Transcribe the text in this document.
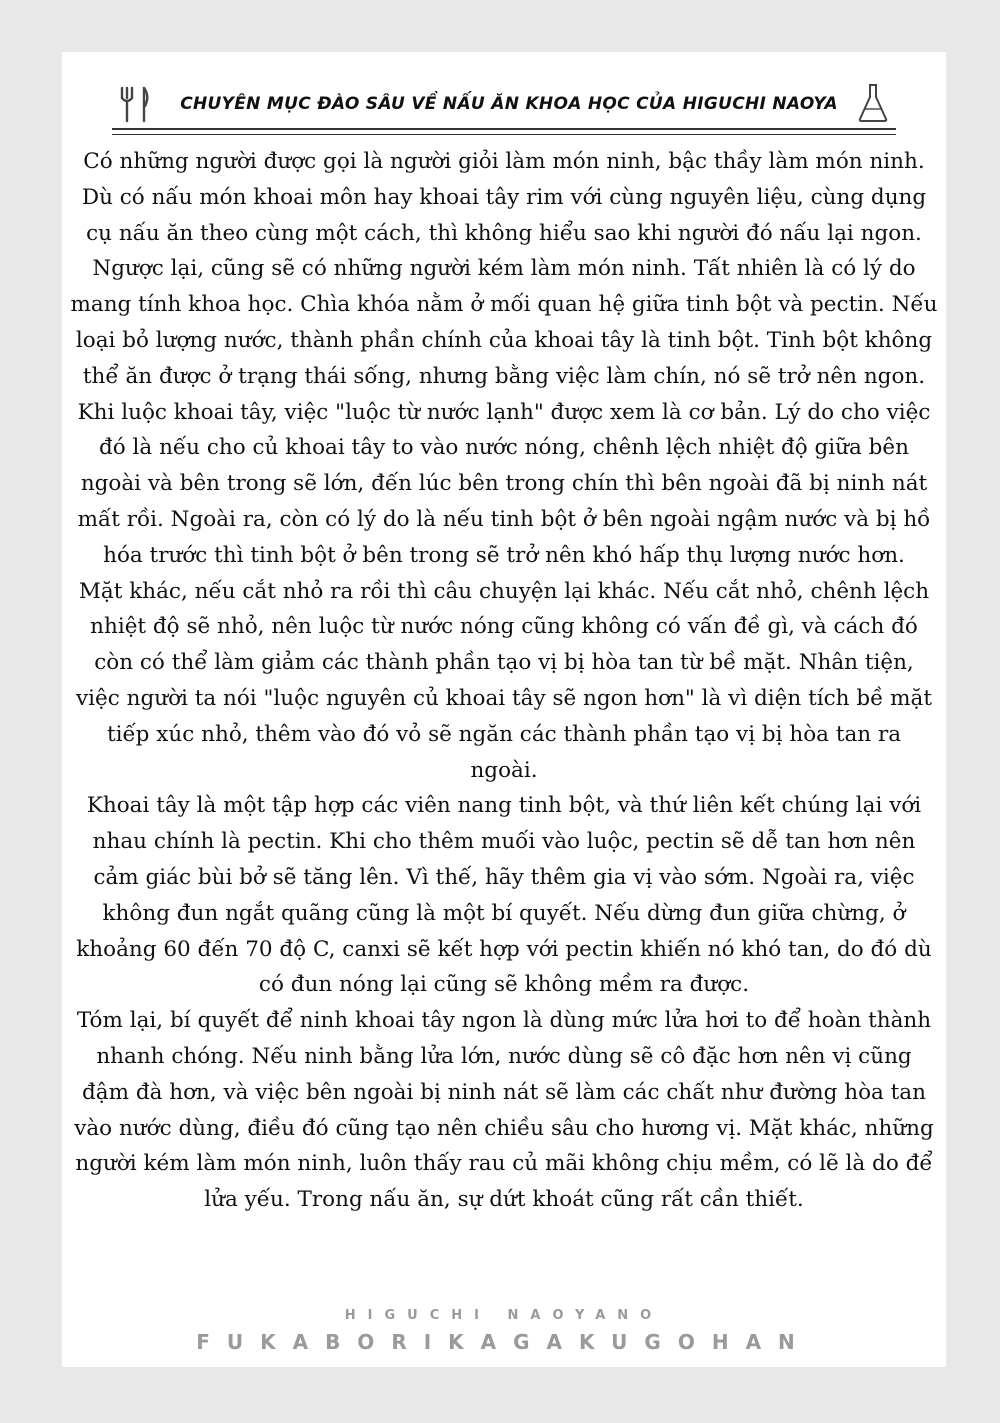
CHUYÊN MỤC ĐÀO SÂU VỀ NẤU ĂN KHOA HỌC CỦA HIGUCHI NAOYA

Có những người được gọi là người giỏi làm món ninh, bậc thầy làm món ninh. Dù có nấu món khoai môn hay khoai tây rim với cùng nguyên liệu, cùng dụng cụ nấu ăn theo cùng một cách, thì không hiểu sao khi người đó nấu lại ngon. Ngược lại, cũng sẽ có những người kém làm món ninh. Tất nhiên là có lý do mang tính khoa học. Chìa khóa nằm ở mối quan hệ giữa tinh bột và pectin. Nếu loại bỏ lượng nước, thành phần chính của khoai tây là tinh bột. Tinh bột không thể ăn được ở trạng thái sống, nhưng bằng việc làm chín, nó sẽ trở nên ngon.

Khi luộc khoai tây, việc "luộc từ nước lạnh" được xem là cơ bản. Lý do cho việc đó là nếu cho củ khoai tây to vào nước nóng, chênh lệch nhiệt độ giữa bên ngoài và bên trong sẽ lớn, đến lúc bên trong chín thì bên ngoài đã bị ninh nát mất rồi. Ngoài ra, còn có lý do là nếu tinh bột ở bên ngoài ngậm nước và bị hồ hóa trước thì tinh bột ở bên trong sẽ trở nên khó hấp thụ lượng nước hơn.

Mặt khác, nếu cắt nhỏ ra rồi thì câu chuyện lại khác. Nếu cắt nhỏ, chênh lệch nhiệt độ sẽ nhỏ, nên luộc từ nước nóng cũng không có vấn đề gì, và cách đó còn có thể làm giảm các thành phần tạo vị bị hòa tan từ bề mặt. Nhân tiện, việc người ta nói "luộc nguyên củ khoai tây sẽ ngon hơn" là vì diện tích bề mặt tiếp xúc nhỏ, thêm vào đó vỏ sẽ ngăn các thành phần tạo vị bị hòa tan ra ngoài.

Khoai tây là một tập hợp các viên nang tinh bột, và thứ liên kết chúng lại với nhau chính là pectin. Khi cho thêm muối vào luộc, pectin sẽ dễ tan hơn nên cảm giác bùi bở sẽ tăng lên. Vì thế, hãy thêm gia vị vào sớm. Ngoài ra, việc không đun ngắt quãng cũng là một bí quyết. Nếu dừng đun giữa chừng, ở khoảng 60 đến 70 độ C, canxi sẽ kết hợp với pectin khiến nó khó tan, do đó dù có đun nóng lại cũng sẽ không mềm ra được.

Tóm lại, bí quyết để ninh khoai tây ngon là dùng mức lửa hơi to để hoàn thành nhanh chóng. Nếu ninh bằng lửa lớn, nước dùng sẽ cô đặc hơn nên vị cũng đậm đà hơn, và việc bên ngoài bị ninh nát sẽ làm các chất như đường hòa tan vào nước dùng, điều đó cũng tạo nên chiều sâu cho hương vị. Mặt khác, những người kém làm món ninh, luôn thấy rau củ mãi không chịu mềm, có lẽ là do để lửa yếu. Trong nấu ăn, sự dứt khoát cũng rất cần thiết.

HIGUCHI NAOYANO
FUKABORIKAGAKUGOHAN
